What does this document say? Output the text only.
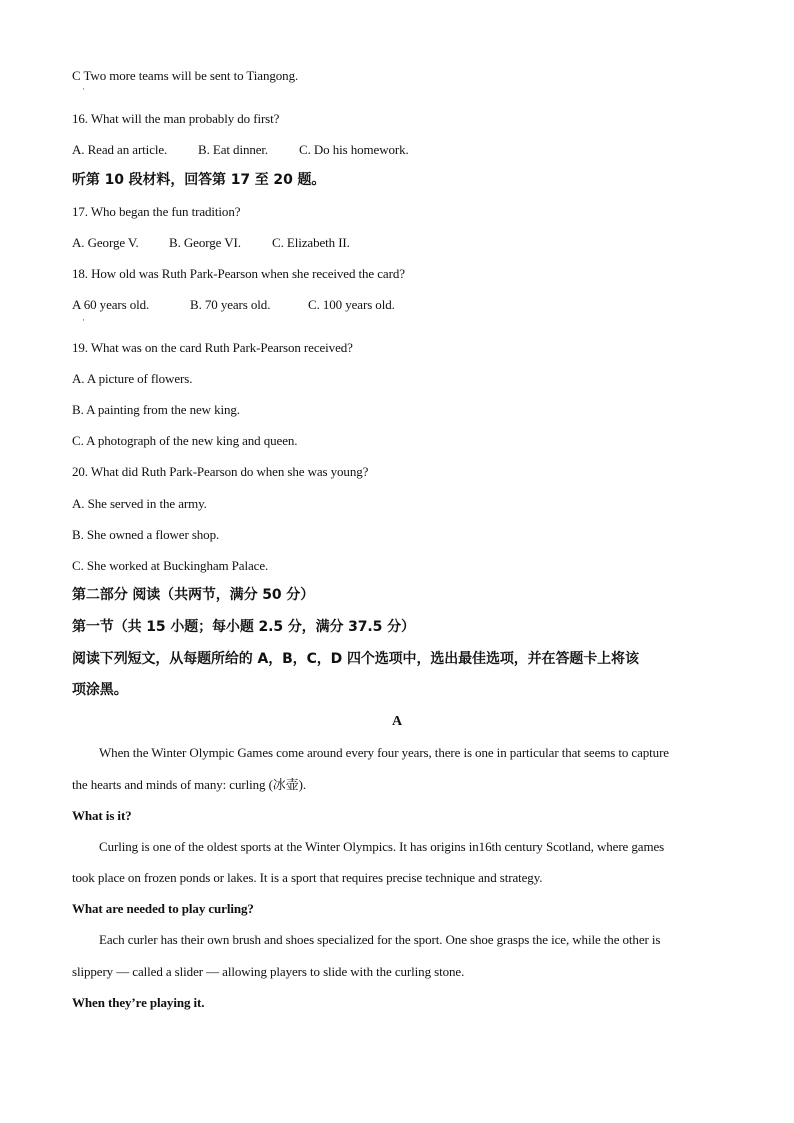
C Two more teams will be sent to Tiangong.
·
16. What will the man probably do first?
A. Read an article. B. Eat dinner. C. Do his homework.
听第 10 段材料，回答第 17 至 20 题。
17. Who began the fun tradition?
A. George V. B. George VI. C. Elizabeth II.
18. How old was Ruth Park-Pearson when she received the card?
A 60 years old.	B. 70 years old.	C. 100 years old.
·
19. What was on the card Ruth Park-Pearson received?
A. A picture of flowers.
B. A painting from the new king.
C. A photograph of the new king and queen.
20. What did Ruth Park-Pearson do when she was young?
A. She served in the army.
B. She owned a flower shop.
C. She worked at Buckingham Palace.
第二部分 阅读（共两节，满分 50 分）
第一节（共 15 小题；每小题 2.5 分，满分 37.5 分）
阅读下列短文，从每题所给的 A，B，C，D 四个选项中，选出最佳选项，并在答题卡上将该
项涂黑。
A
When the Winter Olympic Games come around every four years, there is one in particular that seems to capture
the hearts and minds of many: curling (冰壶).
What is it?
Curling is one of the oldest sports at the Winter Olympics. It has origins in16th century Scotland, where games
took place on frozen ponds or lakes. It is a sport that requires precise technique and strategy.
What are needed to play curling?
Each curler has their own brush and shoes specialized for the sport. One shoe grasps the ice, while the other is
slippery — called a slider — allowing players to slide with the curling stone.
When they’re playing it.
